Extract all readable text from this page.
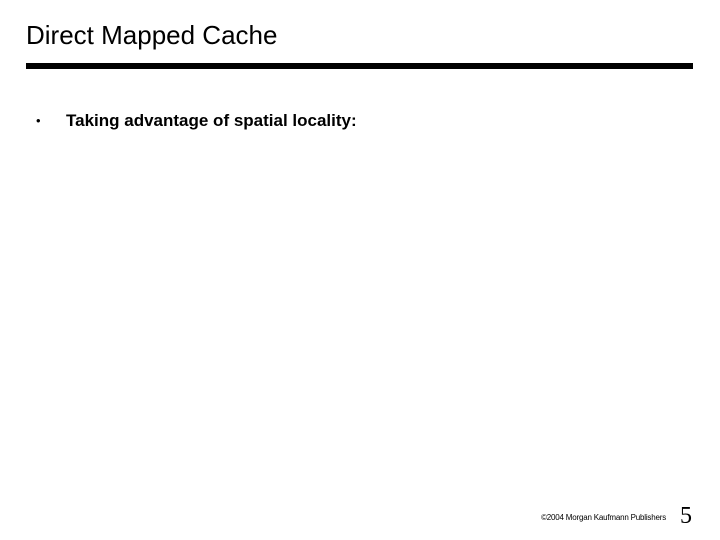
Direct Mapped Cache
•	Taking advantage of spatial locality:
©2004 Morgan Kaufmann Publishers 5
